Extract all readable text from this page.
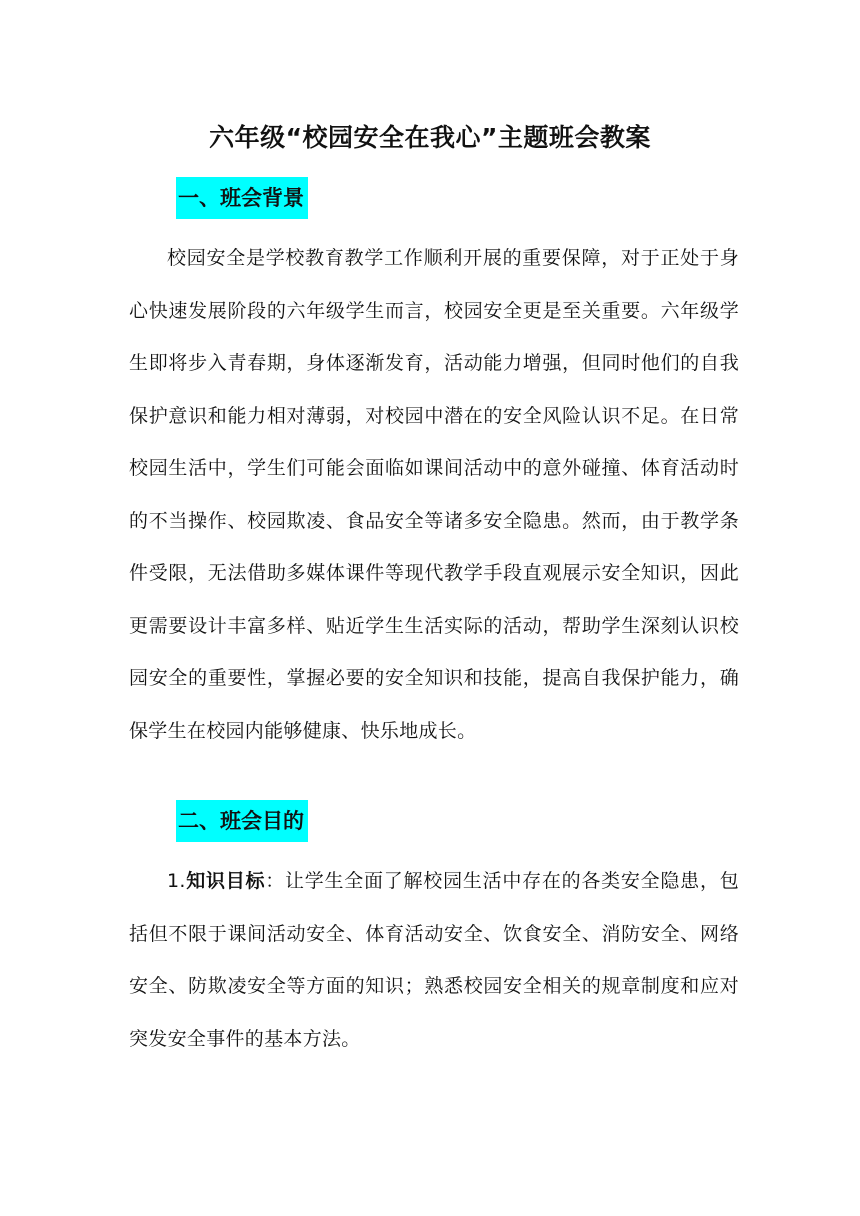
六年级“校园安全在我心”主题班会教案
一、班会背景

校园安全是学校教育教学工作顺利开展的重要保障，对于正处于身心快速发展阶段的六年级学生而言，校园安全更是至关重要。六年级学生即将步入青春期，身体逐渐发育，活动能力增强，但同时他们的自我保护意识和能力相对薄弱，对校园中潜在的安全风险认识不足。在日常校园生活中，学生们可能会面临如课间活动中的意外碰撞、体育活动时的不当操作、校园欺凌、食品安全等诸多安全隐患。然而，由于教学条件受限，无法借助多媒体课件等现代教学手段直观展示安全知识，因此更需要设计丰富多样、贴近学生生活实际的活动，帮助学生深刻认识校园安全的重要性，掌握必要的安全知识和技能，提高自我保护能力，确保学生在校园内能够健康、快乐地成长。

二、班会目的

1.知识目标：让学生全面了解校园生活中存在的各类安全隐患，包括但不限于课间活动安全、体育活动安全、饮食安全、消防安全、网络安全、防欺凌安全等方面的知识；熟悉校园安全相关的规章制度和应对突发安全事件的基本方法。
